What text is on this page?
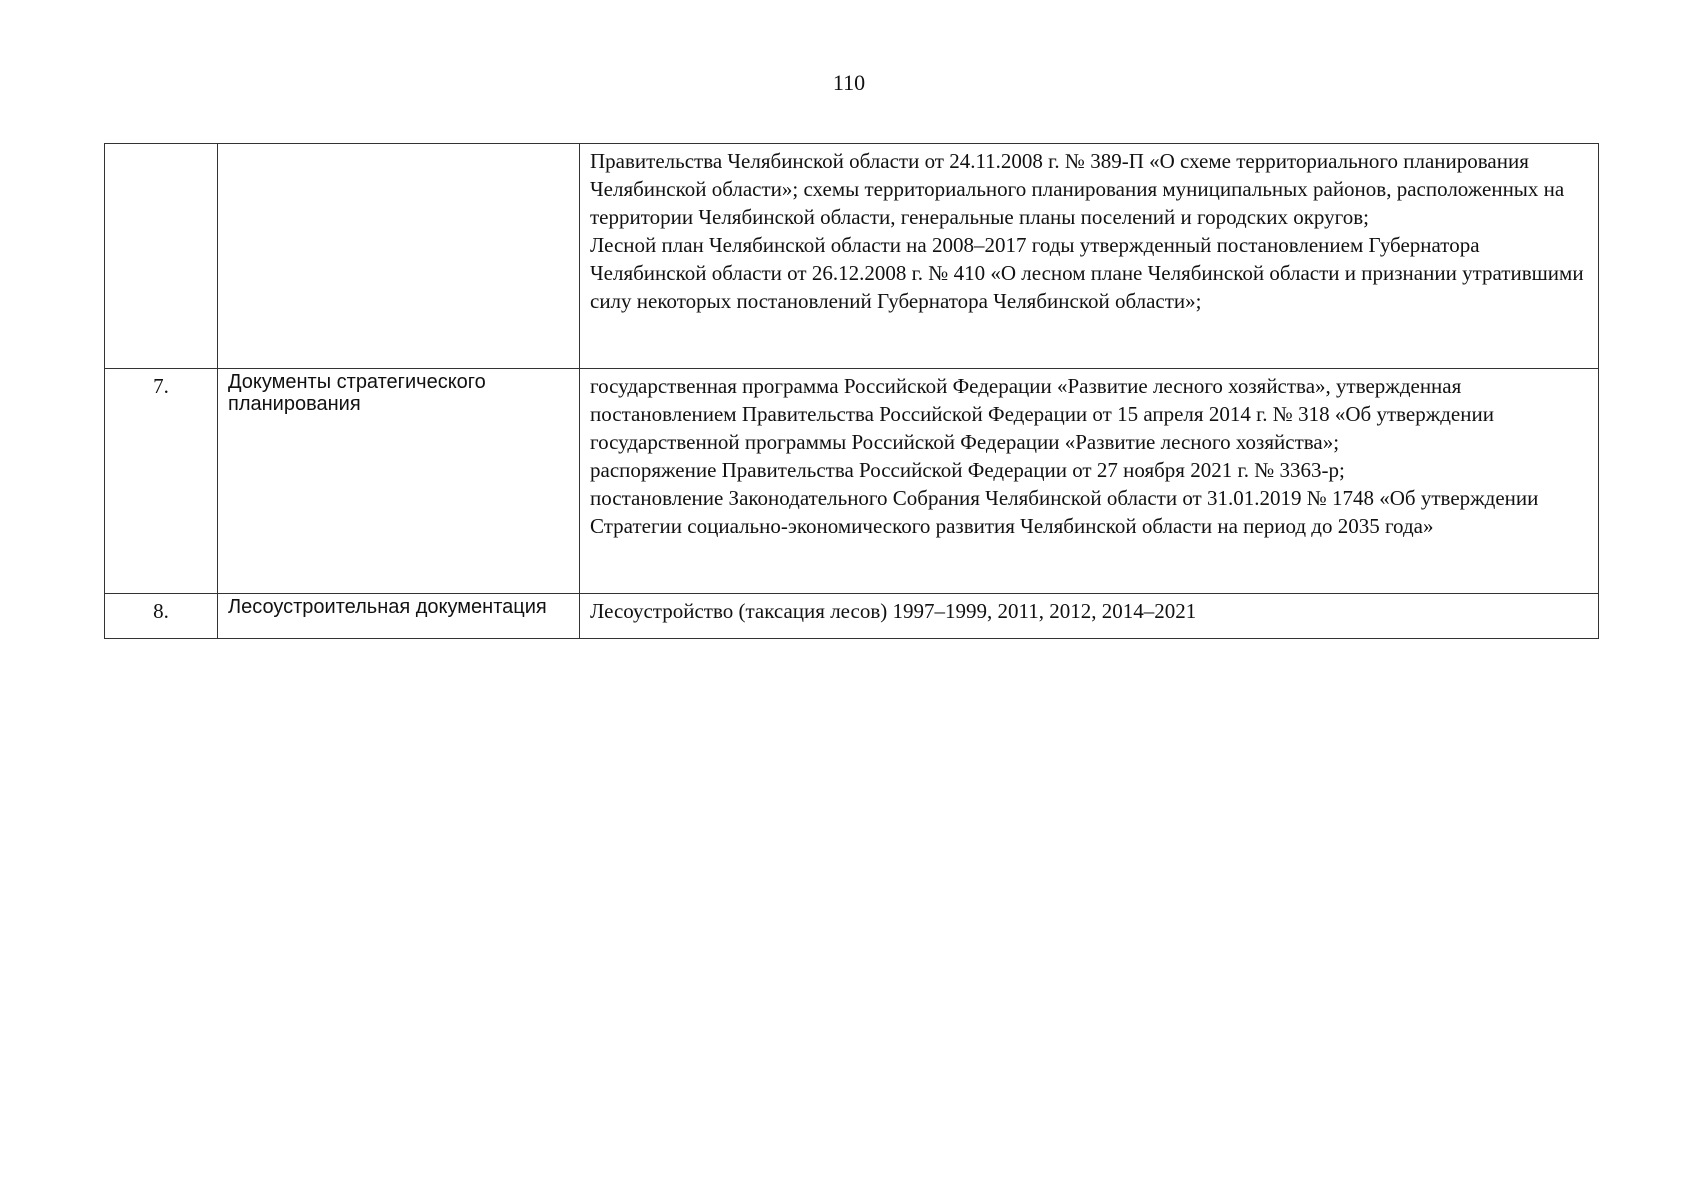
110

		Правительства Челябинской области от 24.11.2008 г. № 389-П «О схеме территориального планирования Челябинской области»; схемы территориального планирования муниципальных районов, расположенных на территории Челябинской области, генеральные планы поселений и городских округов;
Лесной план Челябинской области на 2008–2017 годы утвержденный постановлением Губернатора Челябинской области от 26.12.2008 г. № 410 «О лесном плане Челябинской области и признании утратившими силу некоторых постановлений Губернатора Челябинской области»;

7.	Документы стратегического планирования	государственная программа Российской Федерации «Развитие лесного хозяйства», утвержденная постановлением Правительства Российской Федерации от 15 апреля 2014 г. № 318 «Об утверждении государственной программы Российской Федерации «Развитие лесного хозяйства»;
распоряжение Правительства Российской Федерации от 27 ноября 2021 г. № 3363-р;
постановление Законодательного Собрания Челябинской области от 31.01.2019 № 1748 «Об утверждении Стратегии социально-экономического развития Челябинской области на период до 2035 года»

8.	Лесоустроительная документация	Лесоустройство (таксация лесов) 1997–1999, 2011, 2012, 2014–2021
